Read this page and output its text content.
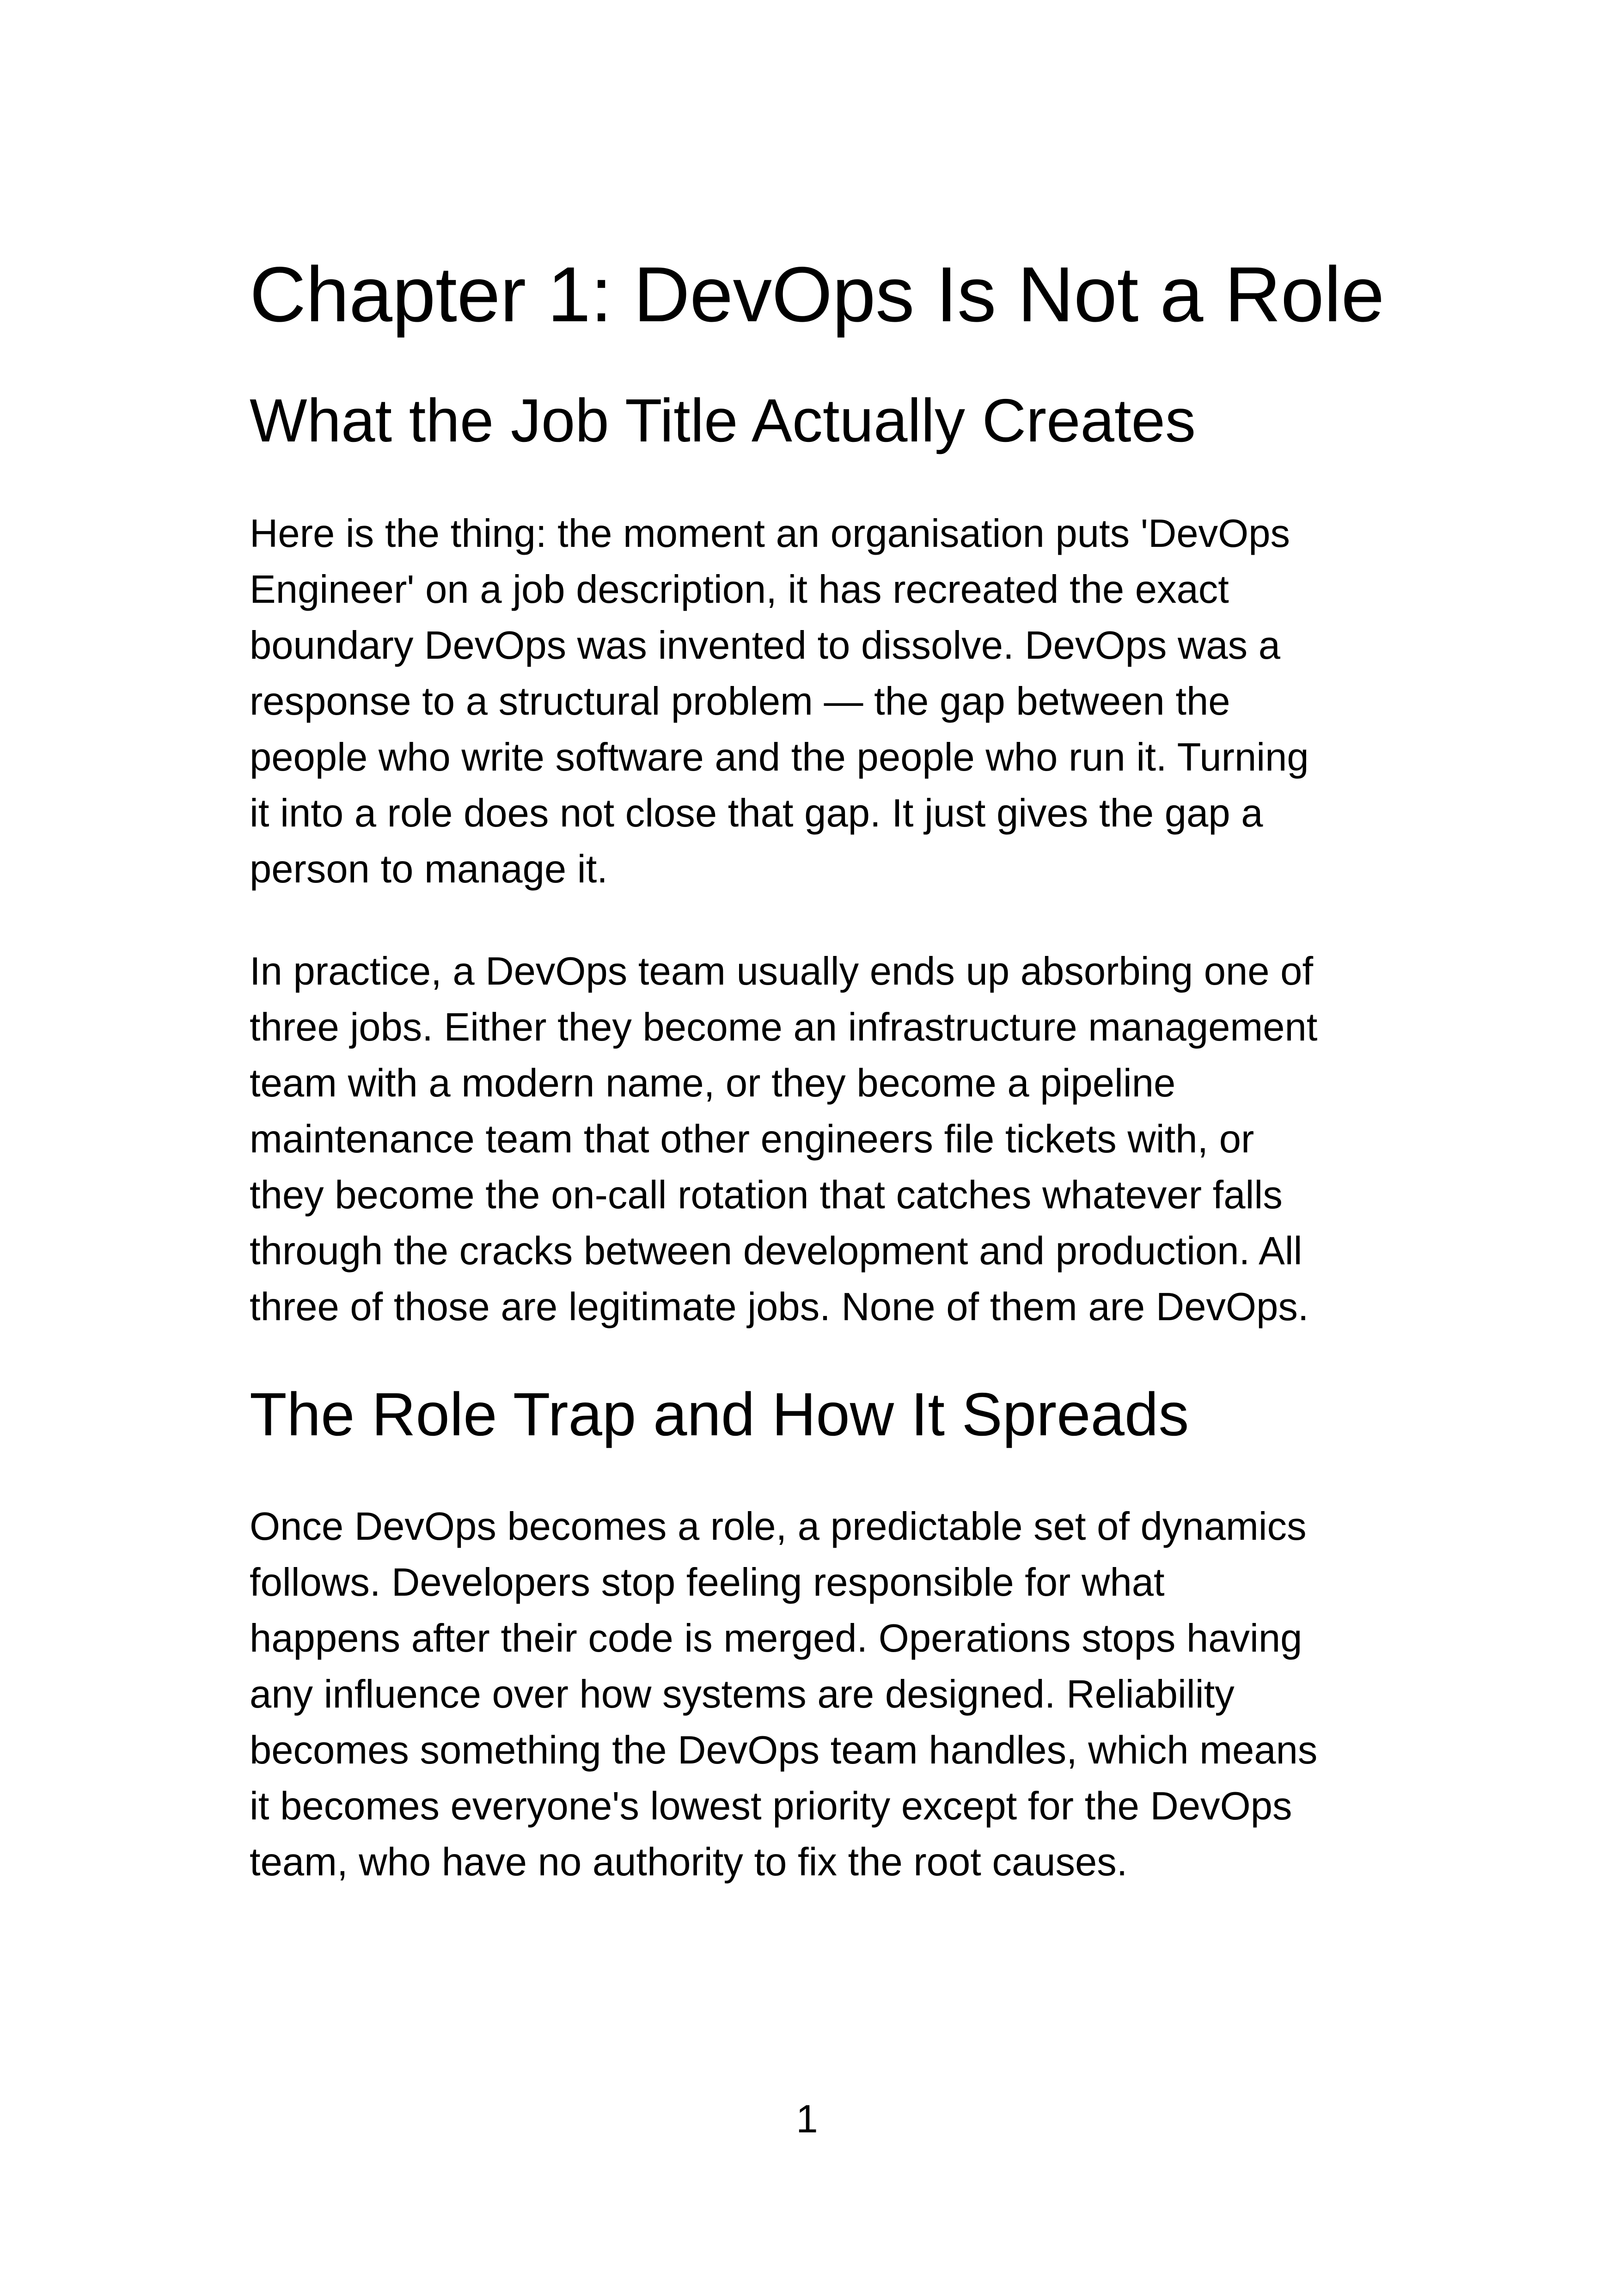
Chapter 1: DevOps Is Not a Role
What the Job Title Actually Creates

Here is the thing: the moment an organisation puts 'DevOps
Engineer' on a job description, it has recreated the exact
boundary DevOps was invented to dissolve. DevOps was a
response to a structural problem — the gap between the
people who write software and the people who run it. Turning
it into a role does not close that gap. It just gives the gap a
person to manage it.

In practice, a DevOps team usually ends up absorbing one of
three jobs. Either they become an infrastructure management
team with a modern name, or they become a pipeline
maintenance team that other engineers file tickets with, or
they become the on-call rotation that catches whatever falls
through the cracks between development and production. All
three of those are legitimate jobs. None of them are DevOps.

The Role Trap and How It Spreads

Once DevOps becomes a role, a predictable set of dynamics
follows. Developers stop feeling responsible for what
happens after their code is merged. Operations stops having
any influence over how systems are designed. Reliability
becomes something the DevOps team handles, which means
it becomes everyone's lowest priority except for the DevOps
team, who have no authority to fix the root causes.

1
